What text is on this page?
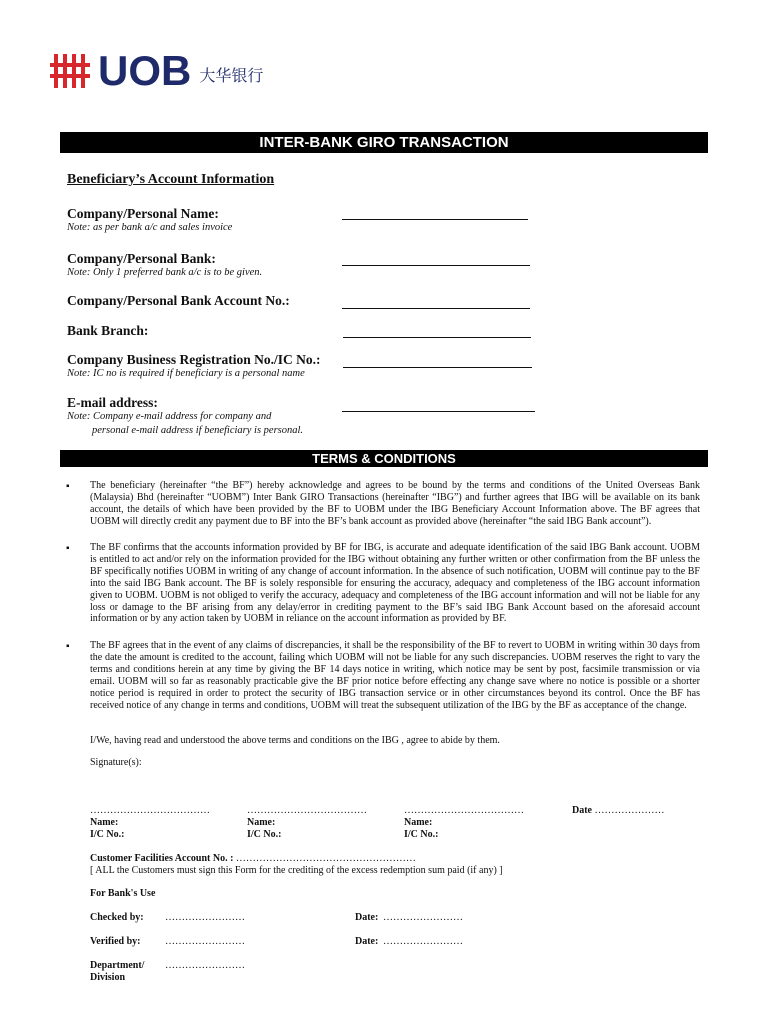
UOB 大华银行
INTER-BANK GIRO TRANSACTION
Beneficiary’s Account Information
Company/Personal Name:
Note: as per bank a/c and sales invoice
Company/Personal Bank:
Note: Only 1 preferred bank a/c is to be given.
Company/Personal Bank Account No.:
Bank Branch:
Company Business Registration No./IC No.:
Note: IC no is required if beneficiary is a personal name
E-mail address:
Note: Company e-mail address for company and
personal e-mail address if beneficiary is personal.
TERMS & CONDITIONS
▪ The beneficiary (hereinafter “the BF”) hereby acknowledge and agrees to be bound by the terms and conditions of the United Overseas Bank (Malaysia) Bhd (hereinafter “UOBM”) Inter Bank GIRO Transactions (hereinafter “IBG”) and further agrees that IBG will be available on its bank account, the details of which have been provided by the BF to UOBM under the IBG Beneficiary Account Information above. The BF agrees that UOBM will directly credit any payment due to BF into the BF’s bank account as provided above (hereinafter “the said IBG Bank account”).
▪ The BF confirms that the accounts information provided by BF for IBG, is accurate and adequate identification of the said IBG Bank account. UOBM is entitled to act and/or rely on the information provided for the IBG without obtaining any further written or other confirmation from the BF unless the BF specifically notifies UOBM in writing of any change of account information. In the absence of such notification, UOBM will continue pay to the BF into the said IBG Bank account. The BF is solely responsible for ensuring the accuracy, adequacy and completeness of the IBG account information given to UOBM. UOBM is not obliged to verify the accuracy, adequacy and completeness of the IBG account information and will not be liable for any loss or damage to the BF arising from any delay/error in crediting payment to the BF’s said IBG Bank Account based on the aforesaid account information or by any action taken by UOBM in reliance on the account information as provided by BF.
▪ The BF agrees that in the event of any claims of discrepancies, it shall be the responsibility of the BF to revert to UOBM in writing within 30 days from the date the amount is credited to the account, failing which UOBM will not be liable for any such discrepancies. UOBM reserves the right to vary the terms and conditions herein at any time by giving the BF 14 days notice in writing, which notice may be sent by post, facsimile transmission or via email. UOBM will so far as reasonably practicable give the BF prior notice before effecting any change save where no notice is possible or a shorter notice period is required in order to protect the security of IBG transaction service or in other circumstances beyond its control. Once the BF has received notice of any change in terms and conditions, UOBM will treat the subsequent utilization of the IBG by the BF as acceptance of the change.
I/We, having read and understood the above terms and conditions on the IBG , agree to abide by them.
Signature(s):
………………………………
Name:
I/C No.:
………………………………
Name:
I/C No.:
………………………………
Name:
I/C No.:
Date …………………
Customer Facilities Account No. : ………………………………………………
[ ALL the Customers must sign this Form for the crediting of the excess redemption sum paid (if any) ]
For Bank's Use
Checked by: ……………………	Date: ……………………
Verified by: ……………………	Date: ……………………
Department/
Division
……………………
